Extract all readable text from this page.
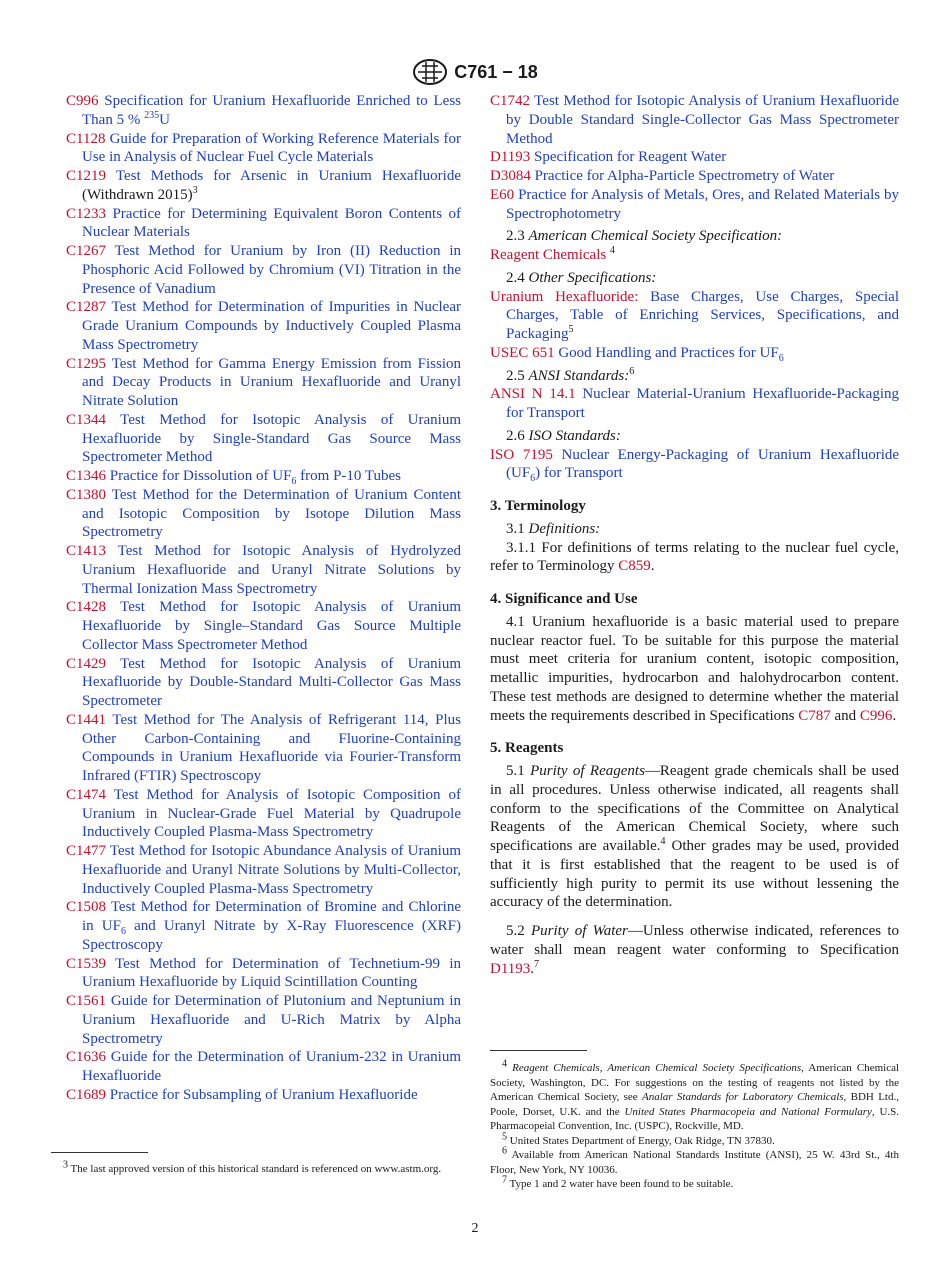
C761 − 18

C996 Specification for Uranium Hexafluoride Enriched to Less Than 5 % $^{235}$U

C1128 Guide for Preparation of Working Reference Materials for Use in Analysis of Nuclear Fuel Cycle Materials

C1219 Test Methods for Arsenic in Uranium Hexafluoride (Withdrawn 2015)$^3$

C1233 Practice for Determining Equivalent Boron Contents of Nuclear Materials

C1267 Test Method for Uranium by Iron (II) Reduction in Phosphoric Acid Followed by Chromium (VI) Titration in the Presence of Vanadium

C1287 Test Method for Determination of Impurities in Nuclear Grade Uranium Compounds by Inductively Coupled Plasma Mass Spectrometry

C1295 Test Method for Gamma Energy Emission from Fission and Decay Products in Uranium Hexafluoride and Uranyl Nitrate Solution

C1344 Test Method for Isotopic Analysis of Uranium Hexafluoride by Single-Standard Gas Source Mass Spectrometer Method

C1346 Practice for Dissolution of $UF_6$ from P-10 Tubes

C1380 Test Method for the Determination of Uranium Content and Isotopic Composition by Isotope Dilution Mass Spectrometry

C1413 Test Method for Isotopic Analysis of Hydrolyzed Uranium Hexafluoride and Uranyl Nitrate Solutions by Thermal Ionization Mass Spectrometry

C1428 Test Method for Isotopic Analysis of Uranium Hexafluoride by Single–Standard Gas Source Multiple Collector Mass Spectrometer Method

C1429 Test Method for Isotopic Analysis of Uranium Hexafluoride by Double-Standard Multi-Collector Gas Mass Spectrometer

C1441 Test Method for The Analysis of Refrigerant 114, Plus Other Carbon-Containing and Fluorine-Containing Compounds in Uranium Hexafluoride via Fourier-Transform Infrared (FTIR) Spectroscopy

C1474 Test Method for Analysis of Isotopic Composition of Uranium in Nuclear-Grade Fuel Material by Quadrupole Inductively Coupled Plasma-Mass Spectrometry

C1477 Test Method for Isotopic Abundance Analysis of Uranium Hexafluoride and Uranyl Nitrate Solutions by Multi-Collector, Inductively Coupled Plasma-Mass Spectrometry

C1508 Test Method for Determination of Bromine and Chlorine in $UF_6$ and Uranyl Nitrate by X-Ray Fluorescence (XRF) Spectroscopy

C1539 Test Method for Determination of Technetium-99 in Uranium Hexafluoride by Liquid Scintillation Counting

C1561 Guide for Determination of Plutonium and Neptunium in Uranium Hexafluoride and U-Rich Matrix by Alpha Spectrometry

C1636 Guide for the Determination of Uranium-232 in Uranium Hexafluoride

C1689 Practice for Subsampling of Uranium Hexafluoride

C1742 Test Method for Isotopic Analysis of Uranium Hexafluoride by Double Standard Single-Collector Gas Mass Spectrometer Method

D1193 Specification for Reagent Water

D3084 Practice for Alpha-Particle Spectrometry of Water

E60 Practice for Analysis of Metals, Ores, and Related Materials by Spectrophotometry

2.3 American Chemical Society Specification:

Reagent Chemicals $^4$

2.4 Other Specifications:

Uranium Hexafluoride: Base Charges, Use Charges, Special Charges, Table of Enriching Services, Specifications, and Packaging$^5$

USEC 651 Good Handling and Practices for $UF_6$

2.5 ANSI Standards:$^6$

ANSI N 14.1 Nuclear Material-Uranium Hexafluoride-Packaging for Transport

2.6 ISO Standards:

ISO 7195 Nuclear Energy-Packaging of Uranium Hexafluoride $(UF_6)$ for Transport

3. Terminology

3.1 Definitions:

3.1.1 For definitions of terms relating to the nuclear fuel cycle, refer to Terminology C859.

4. Significance and Use

4.1 Uranium hexafluoride is a basic material used to prepare nuclear reactor fuel. To be suitable for this purpose the material must meet criteria for uranium content, isotopic composition, metallic impurities, hydrocarbon and halohydrocarbon content. These test methods are designed to determine whether the material meets the requirements described in Specifications C787 and C996.

5. Reagents

5.1 Purity of Reagents—Reagent grade chemicals shall be used in all procedures. Unless otherwise indicated, all reagents shall conform to the specifications of the Committee on Analytical Reagents of the American Chemical Society, where such specifications are available.$^4$ Other grades may be used, provided that it is first established that the reagent to be used is of sufficiently high purity to permit its use without lessening the accuracy of the determination.

5.2 Purity of Water—Unless otherwise indicated, references to water shall mean reagent water conforming to Specification D1193.$^7$

$^3$ The last approved version of this historical standard is referenced on www.astm.org.

$^4$ Reagent Chemicals, American Chemical Society Specifications, American Chemical Society, Washington, DC. For suggestions on the testing of reagents not listed by the American Chemical Society, see Analar Standards for Laboratory Chemicals, BDH Ltd., Poole, Dorset, U.K. and the United States Pharmacopeia and National Formulary, U.S. Pharmacopeial Convention, Inc. (USPC), Rockville, MD.

$^5$ United States Department of Energy, Oak Ridge, TN 37830.

$^6$ Available from American National Standards Institute (ANSI), 25 W. 43rd St., 4th Floor, New York, NY 10036.

$^7$ Type 1 and 2 water have been found to be suitable.

2
